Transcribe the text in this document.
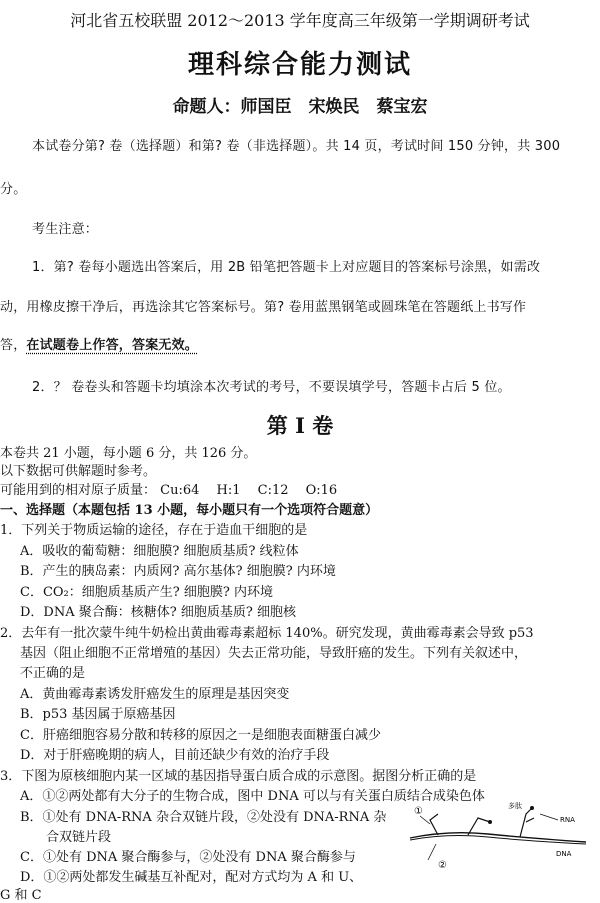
河北省五校联盟 2012～2013 学年度高三年级第一学期调研考试
理科综合能力测试
命题人：师国臣　宋焕民　蔡宝宏
本试卷分第? 卷（选择题）和第? 卷（非选择题）。共 14 页，考试时间 150 分钟，共 300
分。
考生注意：
1．第? 卷每小题选出答案后，用 2B 铅笔把答题卡上对应题目的答案标号涂黑，如需改
动，用橡皮擦干净后，再选涂其它答案标号。第? 卷用蓝黑钢笔或圆珠笔在答题纸上书写作
答，在试题卷上作答，答案无效。
2．？ 卷卷头和答题卡均填涂本次考试的考号，不要误填学号，答题卡占后 5 位。
第 I 卷
本卷共 21 小题，每小题 6 分，共 126 分。
以下数据可供解题时参考。
可能用到的相对原子质量： Cu:64　 H:1　 C:12　 O:16
一、选择题（本题包括 13 小题，每小题只有一个选项符合题意）
1．下列关于物质运输的途径，存在于造血干细胞的是
A．吸收的葡萄糖：细胞膜? 细胞质基质? 线粒体
B．产生的胰岛素：内质网? 高尔基体? 细胞膜? 内环境
C．CO₂：细胞质基质产生? 细胞膜? 内环境
D．DNA 聚合酶：核糖体? 细胞质基质? 细胞核
2．去年有一批次蒙牛纯牛奶检出黄曲霉毒素超标 140%。研究发现，黄曲霉毒素会导致 p53
基因（阻止细胞不正常增殖的基因）失去正常功能，导致肝癌的发生。下列有关叙述中，
不正确的是
A．黄曲霉毒素诱发肝癌发生的原理是基因突变
B．p53 基因属于原癌基因
C．肝癌细胞容易分散和转移的原因之一是细胞表面糖蛋白减少
D．对于肝癌晚期的病人，目前还缺少有效的治疗手段
3．下图为原核细胞内某一区域的基因指导蛋白质合成的示意图。据图分析正确的是
A．①②两处都有大分子的生物合成，图中 DNA 可以与有关蛋白质结合成染色体
B．①处有 DNA-RNA 杂合双链片段，②处没有 DNA-RNA 杂
合双链片段
C．①处有 DNA 聚合酶参与，②处没有 DNA 聚合酶参与
D．①②两处都发生碱基互补配对，配对方式均为 A 和 U、
G 和 C
①
②
多肽
RNA
DNA
